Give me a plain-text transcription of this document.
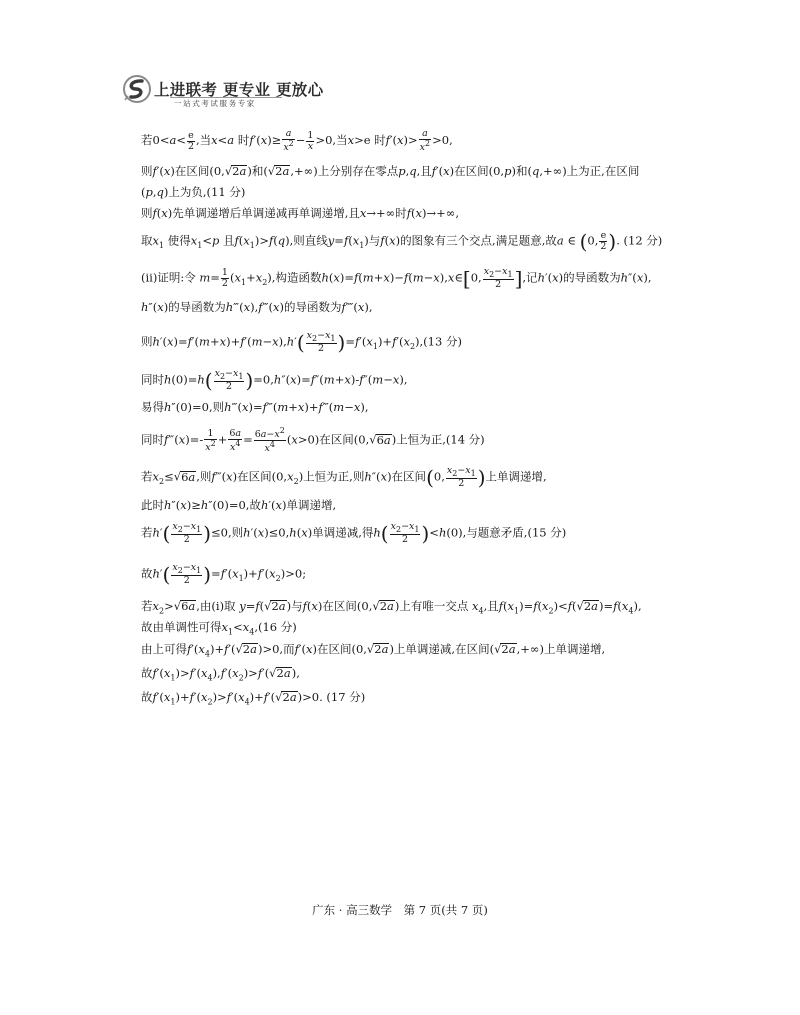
上进联考 更专业 更放心
一站式考试服务专家
若$0<a< \frac{e}{2}$ ,当x<a 时$f'(x)\ge \frac{a}{x^2} - \frac{1}{x} >0$,当x>e 时$f'(x)> \frac{a}{x^2} >0$,
则f′(x)在区间(0,√2a)和(√2a,+∞)上分别存在零点p,q,且f′(x)在区间(0,p)和(q,+∞)上为正,在区间
(p,q)上为负,(11 分)
则f(x)先单调递增后单调递减再单调递增,且x→+∞时f(x)→+∞,
取$x_1$ 使得$x_1<p$ 且$f(x_1)>f(q)$,则直线$y=f(x_1)$与f(x)的图象有三个交点,满足题意,故a ∈ (0, $\frac{e}{2}$ ). (12 分)
(ⅱ)证明:令 $m= \frac{1}{2} (x_1+x_2)$,构造函数h(x)=f(m+x)−f(m−x),x∈[0, $\frac{x_2-x_1}{2}$ ],记h′(x)的导函数为h″(x),
h″(x)的导函数为h‴(x),f‴(x)的导函数为f⁗(x),
则$h'(x)=f'(m+x)+f'(m-x),h'( \frac{x_2-x_1}{2} )=f'(x_1)+f'(x_2),(13$ 分)
同时$h(0)=h( \frac{x_2-x_1}{2} )=0,h''(x)=f''(m+x)-f''(m-x)$,
易得h″(0)=0,则h‴(x)=f‴(m+x)+f‴(m−x),
同时f‴(x)=- $\frac{1}{x^2} + \frac{6a}{x^4} = \frac{6a-x^2}{x^4} (x>0)$在区间(0,√6a)上恒为正,(14 分)
若$x_2\le√6a$,则f‴(x)在区间$(0,x_2)$上恒为正,则h″(x)在区间(0, $\frac{x_2-x_1}{2}$ )上单调递增,
此时h″(x)≥h″(0)=0,故h′(x)单调递增,
若$h'( \frac{x_2-x_1}{2} )\le 0$,则h′(x)≤0,h(x)单调递减,得$h( \frac{x_2-x_1}{2} )<h(0)$,与题意矛盾,(15 分)
故$h'( \frac{x_2-x_1}{2} )=f'(x_1)+f'(x_2)>0$;
若$x_2>√6a$,由(ⅰ)取 y=f(√2a)与f(x)在区间(0,√2a)上有唯一交点 $x_4$,且$f(x_1)=f(x_2)<f(√2a)=f(x_4)$,
故由单调性可得$x_1<x_4,(16$ 分)
由上可得$f'(x_4)+f'(√2a)>0$,而f′(x)在区间(0,√2a)上单调递减,在区间(√2a,+∞)上单调递增,
故$f'(x_1)>f'(x_4),f'(x_2)>f'(√2a)$,
故$f'(x_1)+f'(x_2)>f'(x_4)+f'(√2a)>0$. (17 分)
广东 · 高三数学　第 7 页(共 7 页)
